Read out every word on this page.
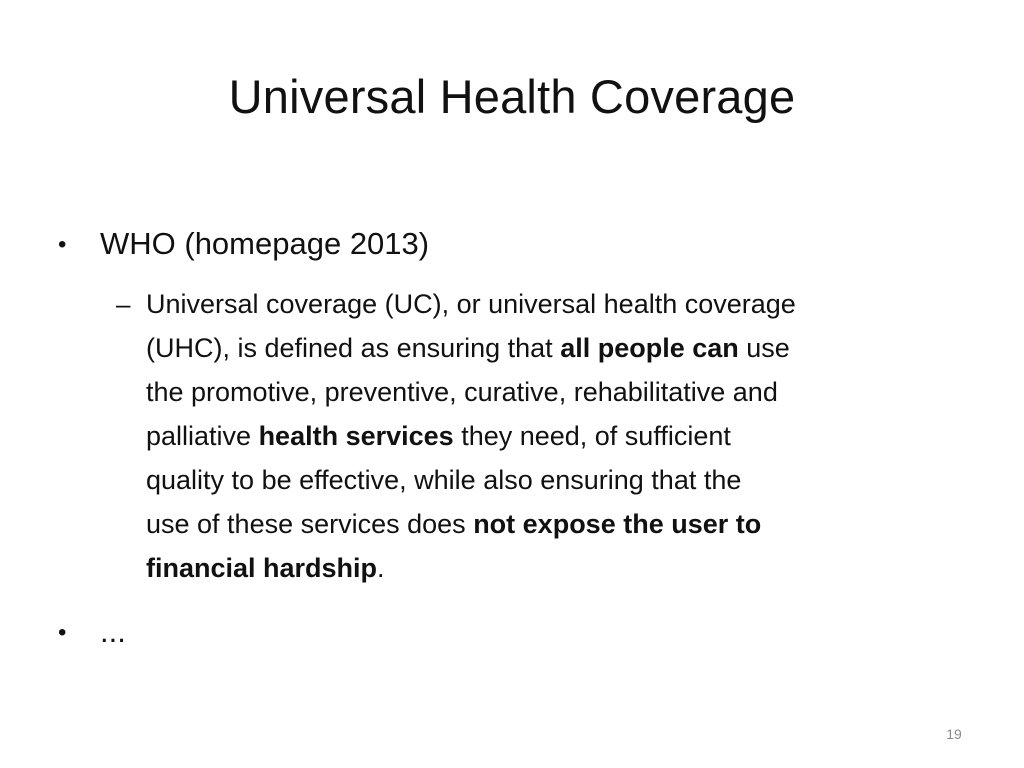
Universal Health Coverage
• WHO (homepage 2013)
– Universal coverage (UC), or universal health coverage
(UHC), is defined as ensuring that all people can use
the promotive, preventive, curative, rehabilitative and
palliative health services they need, of sufficient
quality to be effective, while also ensuring that the
use of these services does not expose the user to
financial hardship.
• ...
19
